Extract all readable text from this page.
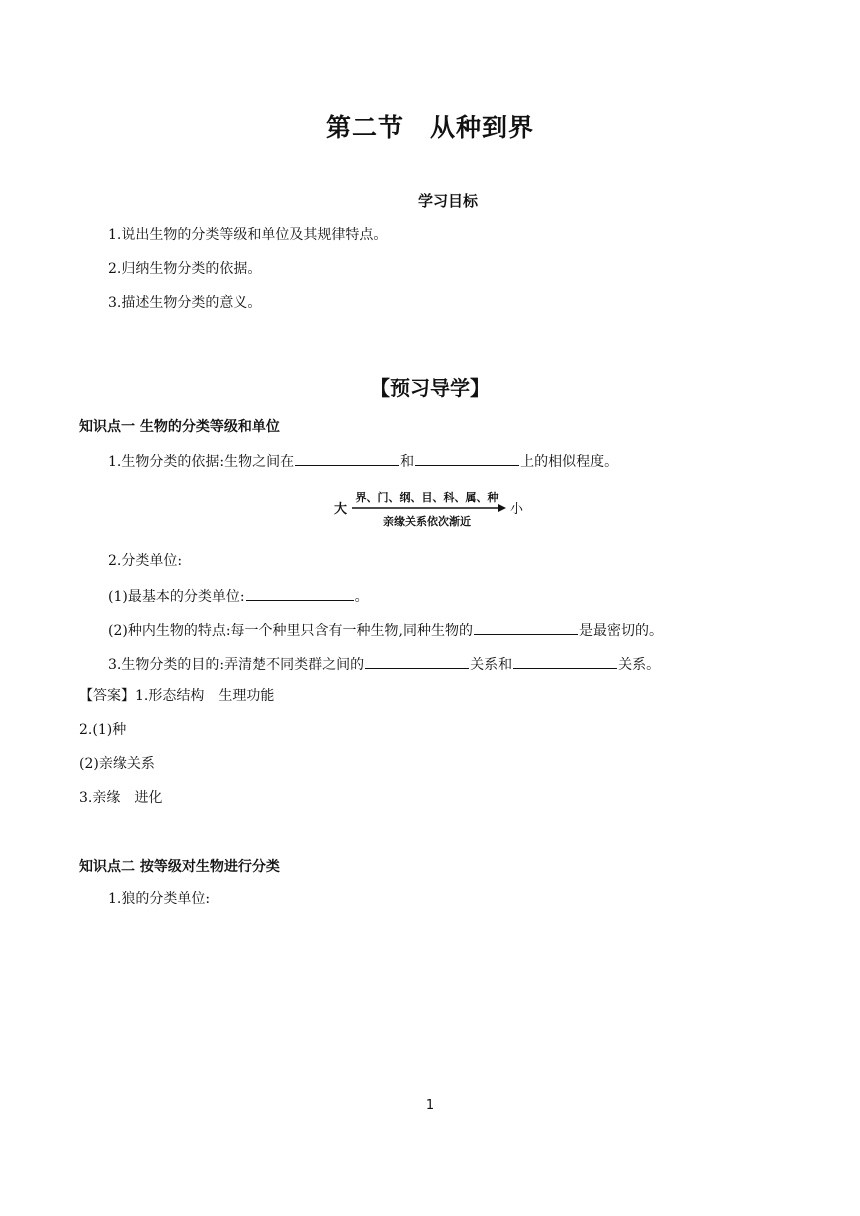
第二节 从种到界
学习目标
1.说出生物的分类等级和单位及其规律特点。
2.归纳生物分类的依据。
3.描述生物分类的意义。
【预习导学】
知识点一 生物的分类等级和单位
1.生物分类的依据:生物之间在	和	上的相似程度。
大	小
界、门、纲、目、科、属、种
亲缘关系依次渐近
2.分类单位:
(1)最基本的分类单位:	。
(2)种内生物的特点:每一个种里只含有一种生物,同种生物的	是最密切的。
3.生物分类的目的:弄清楚不同类群之间的	关系和	关系。
【答案】1.形态结构　生理功能
2.(1)种
(2)亲缘关系
3.亲缘　进化
知识点二 按等级对生物进行分类
1.狼的分类单位:
1
